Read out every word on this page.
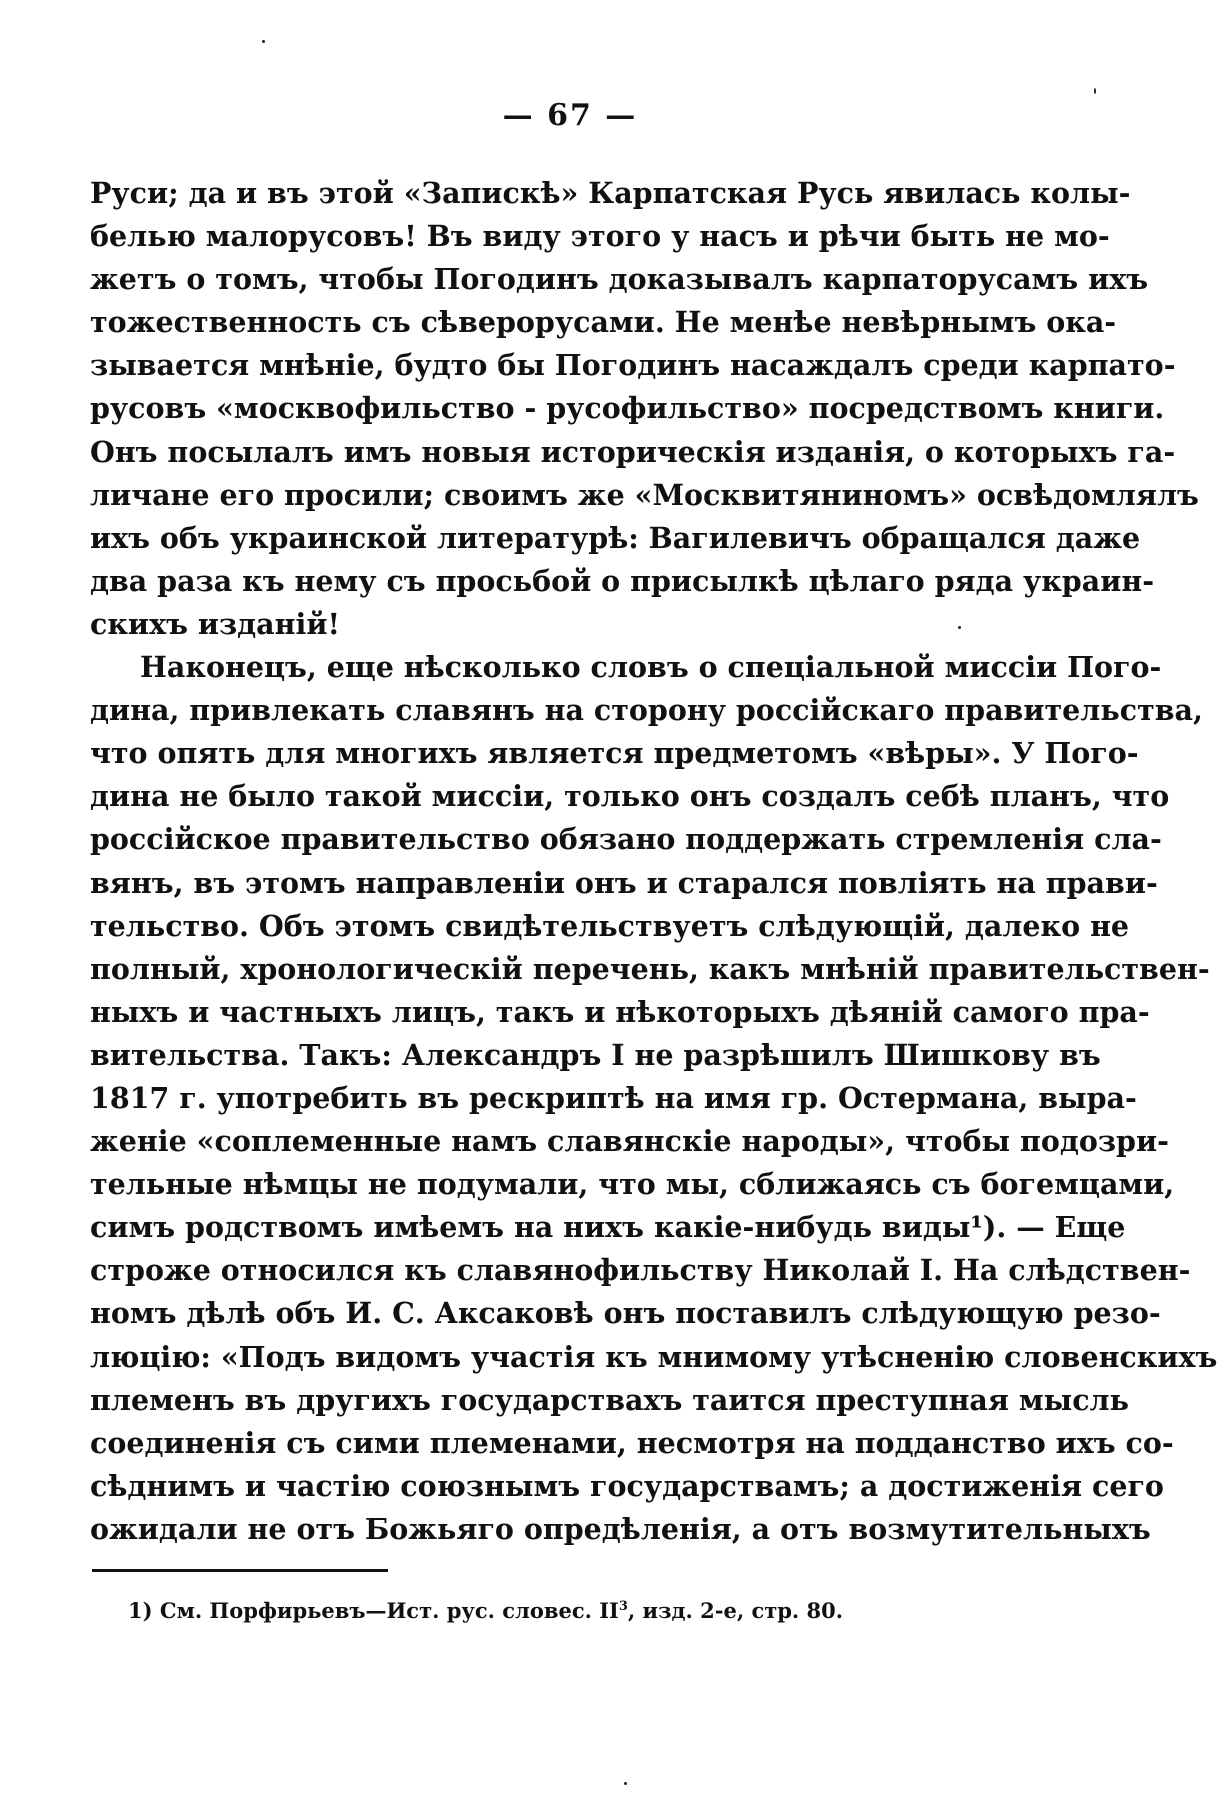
— 67 —
Руси; да и въ этой «Запискѣ» Карпатская Русь явилась колы-
белью малорусовъ! Въ виду этого у насъ и рѣчи быть не мо-
жетъ о томъ, чтобы Погодинъ доказывалъ карпаторусамъ ихъ
тожественность съ сѣверорусами. Не менѣе невѣрнымъ ока-
зывается мнѣніе, будто бы Погодинъ насаждалъ среди карпато-
русовъ «москвофильство - русофильство» посредствомъ книги.
Онъ посылалъ имъ новыя историческія изданія, о которыхъ га-
личане его просили; своимъ же «Москвитяниномъ» освѣдомлялъ
ихъ объ украинской литературѣ: Вагилевичъ обращался даже
два раза къ нему съ просьбой о присылкѣ цѣлаго ряда украин-
скихъ изданій!
Наконецъ, еще нѣсколько словъ о спеціальной миссіи Пого-
дина, привлекать славянъ на сторону россійскаго правительства,
что опять для многихъ является предметомъ «вѣры». У Пого-
дина не было такой миссіи, только онъ создалъ себѣ планъ, что
россійское правительство обязано поддержать стремленія сла-
вянъ, въ этомъ направленіи онъ и старался повліять на прави-
тельство. Объ этомъ свидѣтельствуетъ слѣдующій, далеко не
полный, хронологическій перечень, какъ мнѣній правительствен-
ныхъ и частныхъ лицъ, такъ и нѣкоторыхъ дѣяній самого пра-
вительства. Такъ: Александръ I не разрѣшилъ Шишкову въ
1817 г. употребить въ рескриптѣ на имя гр. Остермана, выра-
женіе «соплеменные намъ славянскіе народы», чтобы подозри-
тельные нѣмцы не подумали, что мы, сближаясь съ богемцами,
симъ родствомъ имѣемъ на нихъ какіе-нибудь виды¹). — Еще
строже относился къ славянофильству Николай I. На слѣдствен-
номъ дѣлѣ объ И. С. Аксаковѣ онъ поставилъ слѣдующую резо-
люцію: «Подъ видомъ участія къ мнимому утѣсненію словенскихъ
племенъ въ другихъ государствахъ таится преступная мысль
соединенія съ сими племенами, несмотря на подданство ихъ со-
сѣднимъ и частію союзнымъ государствамъ; а достиженія сего
ожидали не отъ Божьяго опредѣленія, а отъ возмутительныхъ
1) См. Порфирьевъ—Ист. рус. словес. $II^3$, изд. 2-е, стр. 80.
